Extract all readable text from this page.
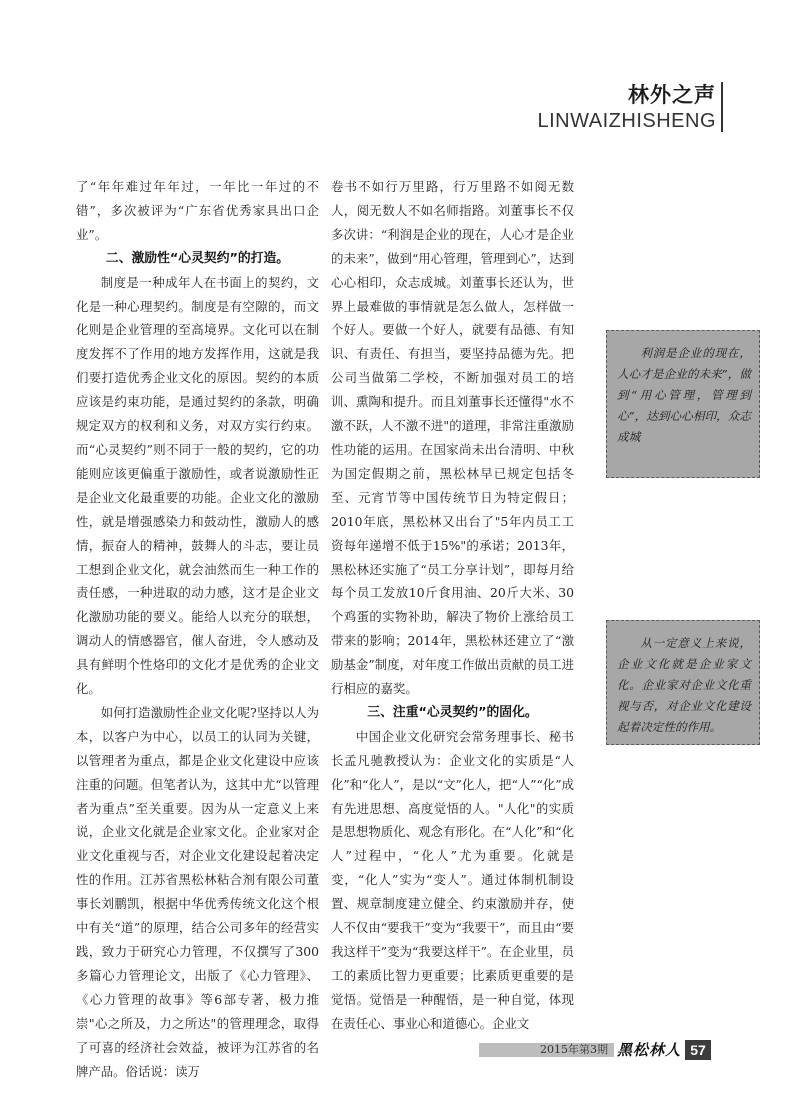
林外之声
LINWAIZHISHENG

了“年年难过年年过，一年比一年过的不错”，多次被评为“广东省优秀家具出口企业”。

二、激励性“心灵契约”的打造。

制度是一种成年人在书面上的契约，文化是一种心理契约。制度是有空隙的，而文化则是企业管理的至高境界。文化可以在制度发挥不了作用的地方发挥作用，这就是我们要打造优秀企业文化的原因。契约的本质应该是约束功能，是通过契约的条款，明确规定双方的权利和义务，对双方实行约束。而“心灵契约”则不同于一般的契约，它的功能则应该更偏重于激励性，或者说激励性正是企业文化最重要的功能。企业文化的激励性，就是增强感染力和鼓动性，激励人的感情，振奋人的精神，鼓舞人的斗志，要让员工想到企业文化，就会油然而生一种工作的责任感，一种进取的动力感，这才是企业文化激励功能的要义。能给人以充分的联想，调动人的情感器官，催人奋进，令人感动及具有鲜明个性烙印的文化才是优秀的企业文化。

如何打造激励性企业文化呢?坚持以人为本，以客户为中心，以员工的认同为关键，以管理者为重点，都是企业文化建设中应该注重的问题。但笔者认为，这其中尤“以管理者为重点”至关重要。因为从一定意义上来说，企业文化就是企业家文化。企业家对企业文化重视与否，对企业文化建设起着决定性的作用。江苏省黑松林粘合剂有限公司董事长刘鹏凯，根据中华优秀传统文化这个根中有关“道”的原理，结合公司多年的经营实践，致力于研究心力管理，不仅撰写了300多篇心力管理论文，出版了《心力管理》、《心力管理的故事》等6部专著，极力推崇"心之所及，力之所达"的管理理念，取得了可喜的经济社会效益，被评为江苏省的名牌产品。俗话说：读万

卷书不如行万里路，行万里路不如阅无数人，阅无数人不如名师指路。刘董事长不仅多次讲：“利润是企业的现在，人心才是企业的未来”，做到“用心管理，管理到心”，达到心心相印，众志成城。刘董事长还认为，世界上最难做的事情就是怎么做人，怎样做一个好人。要做一个好人，就要有品德、有知识、有责任、有担当，要坚持品德为先。把公司当做第二学校，不断加强对员工的培训、熏陶和提升。而且刘董事长还懂得"水不激不跃，人不激不进"的道理，非常注重激励性功能的运用。在国家尚未出台清明、中秋为国定假期之前，黑松林早已规定包括冬至、元宵节等中国传统节日为特定假日；2010年底，黑松林又出台了"5年内员工工资每年递增不低于15%"的承诺；2013年，黑松林还实施了“员工分享计划”，即每月给每个员工发放10斤食用油、20斤大米、30个鸡蛋的实物补助，解决了物价上涨给员工带来的影响；2014年，黑松林还建立了“激励基金”制度，对年度工作做出贡献的员工进行相应的嘉奖。

三、注重“心灵契约”的固化。

中国企业文化研究会常务理事长、秘书长孟凡驰教授认为：企业文化的实质是“人化”和“化人”，是以“文”化人，把“人”“化”成有先进思想、高度觉悟的人。"人化"的实质是思想物质化、观念有形化。在“人化”和“化人”过程中，“化人”尤为重要。化就是变，“化人”实为“变人”。通过体制机制设置、规章制度建立健全、约束激励并存，使人不仅由“要我干”变为“我要干”，而且由“要我这样干”变为“我要这样干”。在企业里，员工的素质比智力更重要；比素质更重要的是觉悟。觉悟是一种醒悟，是一种自觉，体现在责任心、事业心和道德心。企业文

利润是企业的现在，人心才是企业的未来”，做到“用心管理，管理到心”，达到心心相印，众志成城

从一定意义上来说，企业文化就是企业家文化。企业家对企业文化重视与否，对企业文化建设起着决定性的作用。

2015年第3期 黑松林人 57
